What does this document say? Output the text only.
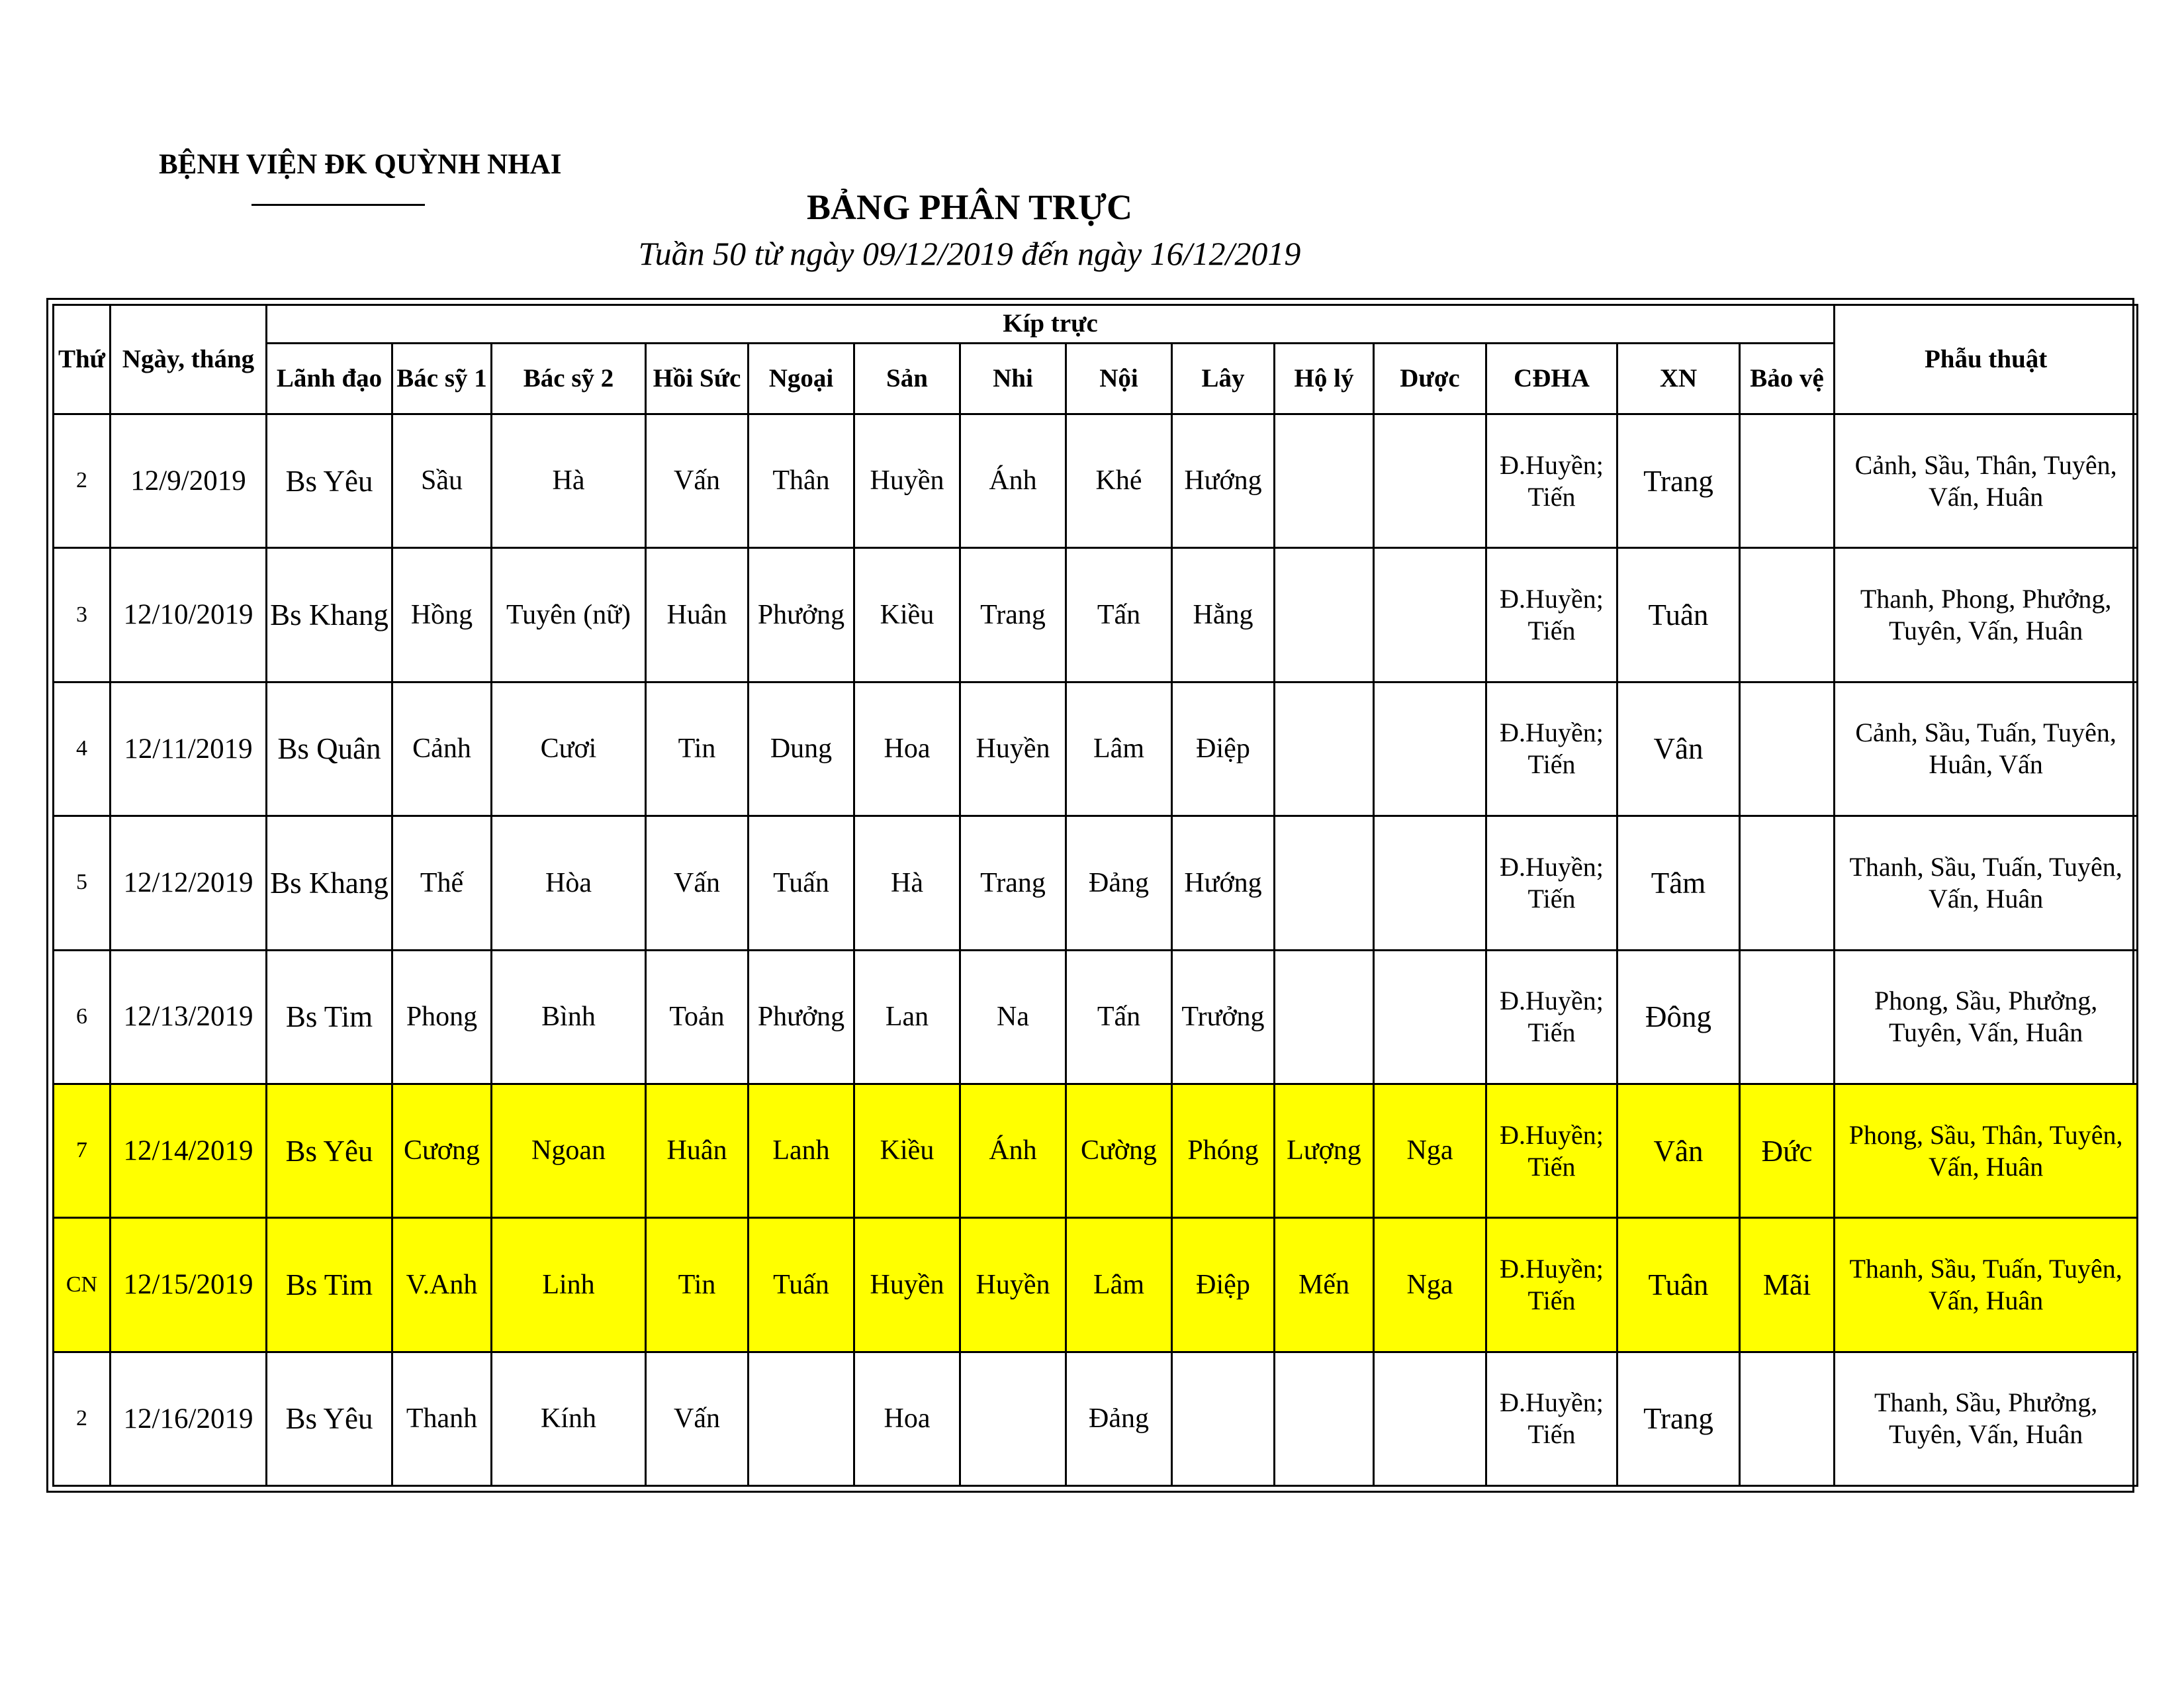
BỆNH VIỆN ĐK QUỲNH NHAI
BẢNG PHÂN TRỰC
Tuần 50 từ ngày 09/12/2019 đến ngày 16/12/2019
Thứ	Ngày, tháng	Kíp trực														Phẫu thuật
		Lãnh đạo	Bác sỹ 1	Bác sỹ 2	Hồi Sức	Ngoại	Sản	Nhi	Nội	Lây	Hộ lý	Dược	CĐHA	XN	Bảo vệ	
2	12/9/2019	Bs Yêu	Sầu	Hà	Vấn	Thân	Huyền	Ánh	Khé	Hướng			Đ.Huyền;
Tiến	Trang		Cảnh, Sầu, Thân, Tuyên,
Vấn, Huân
3	12/10/2019	Bs Khang	Hồng	Tuyên (nữ)	Huân	Phưởng	Kiều	Trang	Tấn	Hằng			Đ.Huyền;
Tiến	Tuân		Thanh, Phong, Phưởng,
Tuyên, Vấn, Huân
4	12/11/2019	Bs Quân	Cảnh	Cươi	Tin	Dung	Hoa	Huyền	Lâm	Điệp			Đ.Huyền;
Tiến	Vân		Cảnh, Sầu, Tuấn, Tuyên,
Huân, Vấn
5	12/12/2019	Bs Khang	Thế	Hòa	Vấn	Tuấn	Hà	Trang	Đảng	Hướng			Đ.Huyền;
Tiến	Tâm		Thanh, Sầu, Tuấn, Tuyên,
Vấn, Huân
6	12/13/2019	Bs Tim	Phong	Bình	Toản	Phưởng	Lan	Na	Tấn	Trưởng			Đ.Huyền;
Tiến	Đông		Phong, Sầu, Phưởng,
Tuyên, Vấn, Huân
7	12/14/2019	Bs Yêu	Cương	Ngoan	Huân	Lanh	Kiều	Ánh	Cường	Phóng	Lượng	Nga	Đ.Huyền;
Tiến	Vân	Đức	Phong, Sầu, Thân, Tuyên,
Vấn, Huân
CN	12/15/2019	Bs Tim	V.Anh	Linh	Tin	Tuấn	Huyền	Huyền	Lâm	Điệp	Mến	Nga	Đ.Huyền;
Tiến	Tuân	Mãi	Thanh, Sầu, Tuấn, Tuyên,
Vấn, Huân
2	12/16/2019	Bs Yêu	Thanh	Kính	Vấn		Hoa		Đảng				Đ.Huyền;
Tiến	Trang		Thanh, Sầu, Phưởng,
Tuyên, Vấn, Huân
